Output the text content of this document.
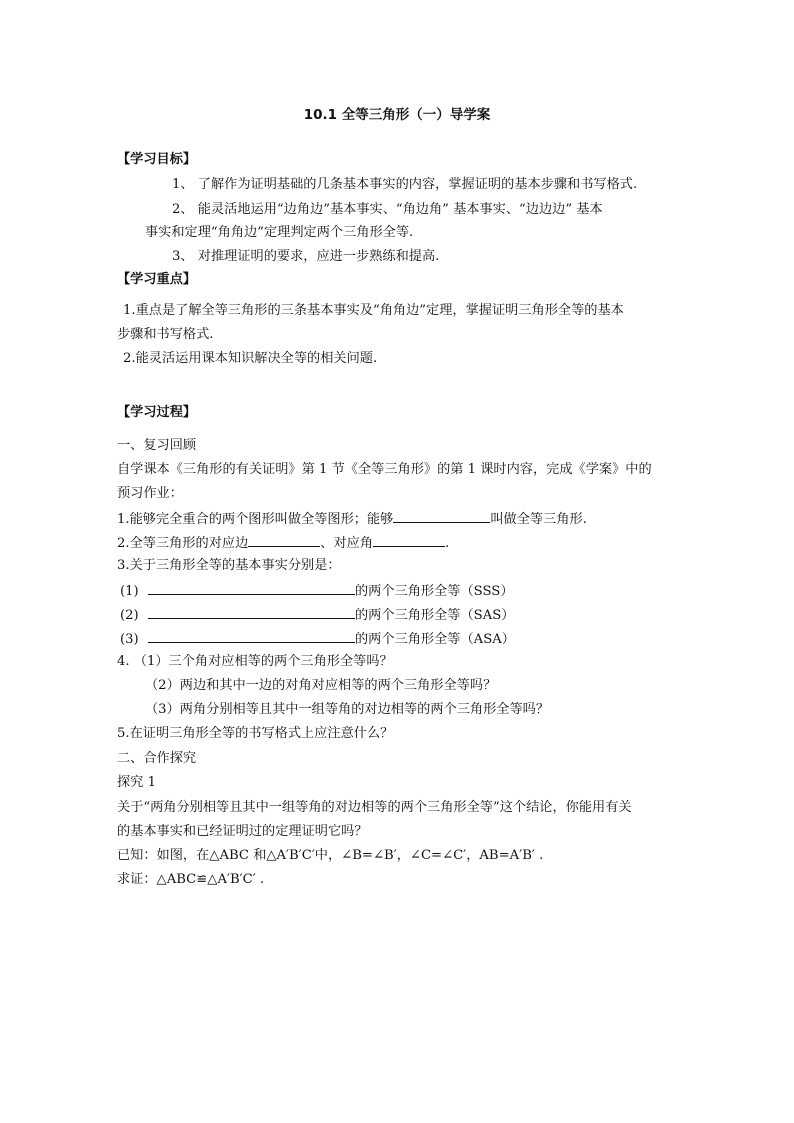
10.1 全等三角形（一）导学案
【学习目标】
1、 了解作为证明基础的几条基本事实的内容，掌握证明的基本步骤和书写格式.
2、 能灵活地运用“边角边”基本事实、“角边角” 基本事实、“边边边” 基本
事实和定理“角角边”定理判定两个三角形全等.
3、 对推理证明的要求，应进一步熟练和提高.
【学习重点】
1.重点是了解全等三角形的三条基本事实及“角角边”定理，掌握证明三角形全等的基本
步骤和书写格式.
2.能灵活运用课本知识解决全等的相关问题.
【学习过程】
一、复习回顾
自学课本《三角形的有关证明》第 1 节《全等三角形》的第 1 课时内容，完成《学案》中的
预习作业：
1.能够完全重合的两个图形叫做全等图形；能够	叫做全等三角形.
2.全等三角形的对应边	、对应角	.
3.关于三角形全等的基本事实分别是：
(1)	的两个三角形全等（SSS）
(2)	的两个三角形全等（SAS）
(3)	的两个三角形全等（ASA）
4. （1）三个角对应相等的两个三角形全等吗？
（2）两边和其中一边的对角对应相等的两个三角形全等吗？
（3）两角分别相等且其中一组等角的对边相等的两个三角形全等吗？
5.在证明三角形全等的书写格式上应注意什么？
二、合作探究
探究 1
关于“两角分别相等且其中一组等角的对边相等的两个三角形全等”这个结论，你能用有关
的基本事实和已经证明过的定理证明它吗？
已知：如图，在△ABC 和△A′B′C′中，∠B=∠B′，∠C=∠C′，AB=A′B′ .
求证：△ABC≌△A′B′C′ .
